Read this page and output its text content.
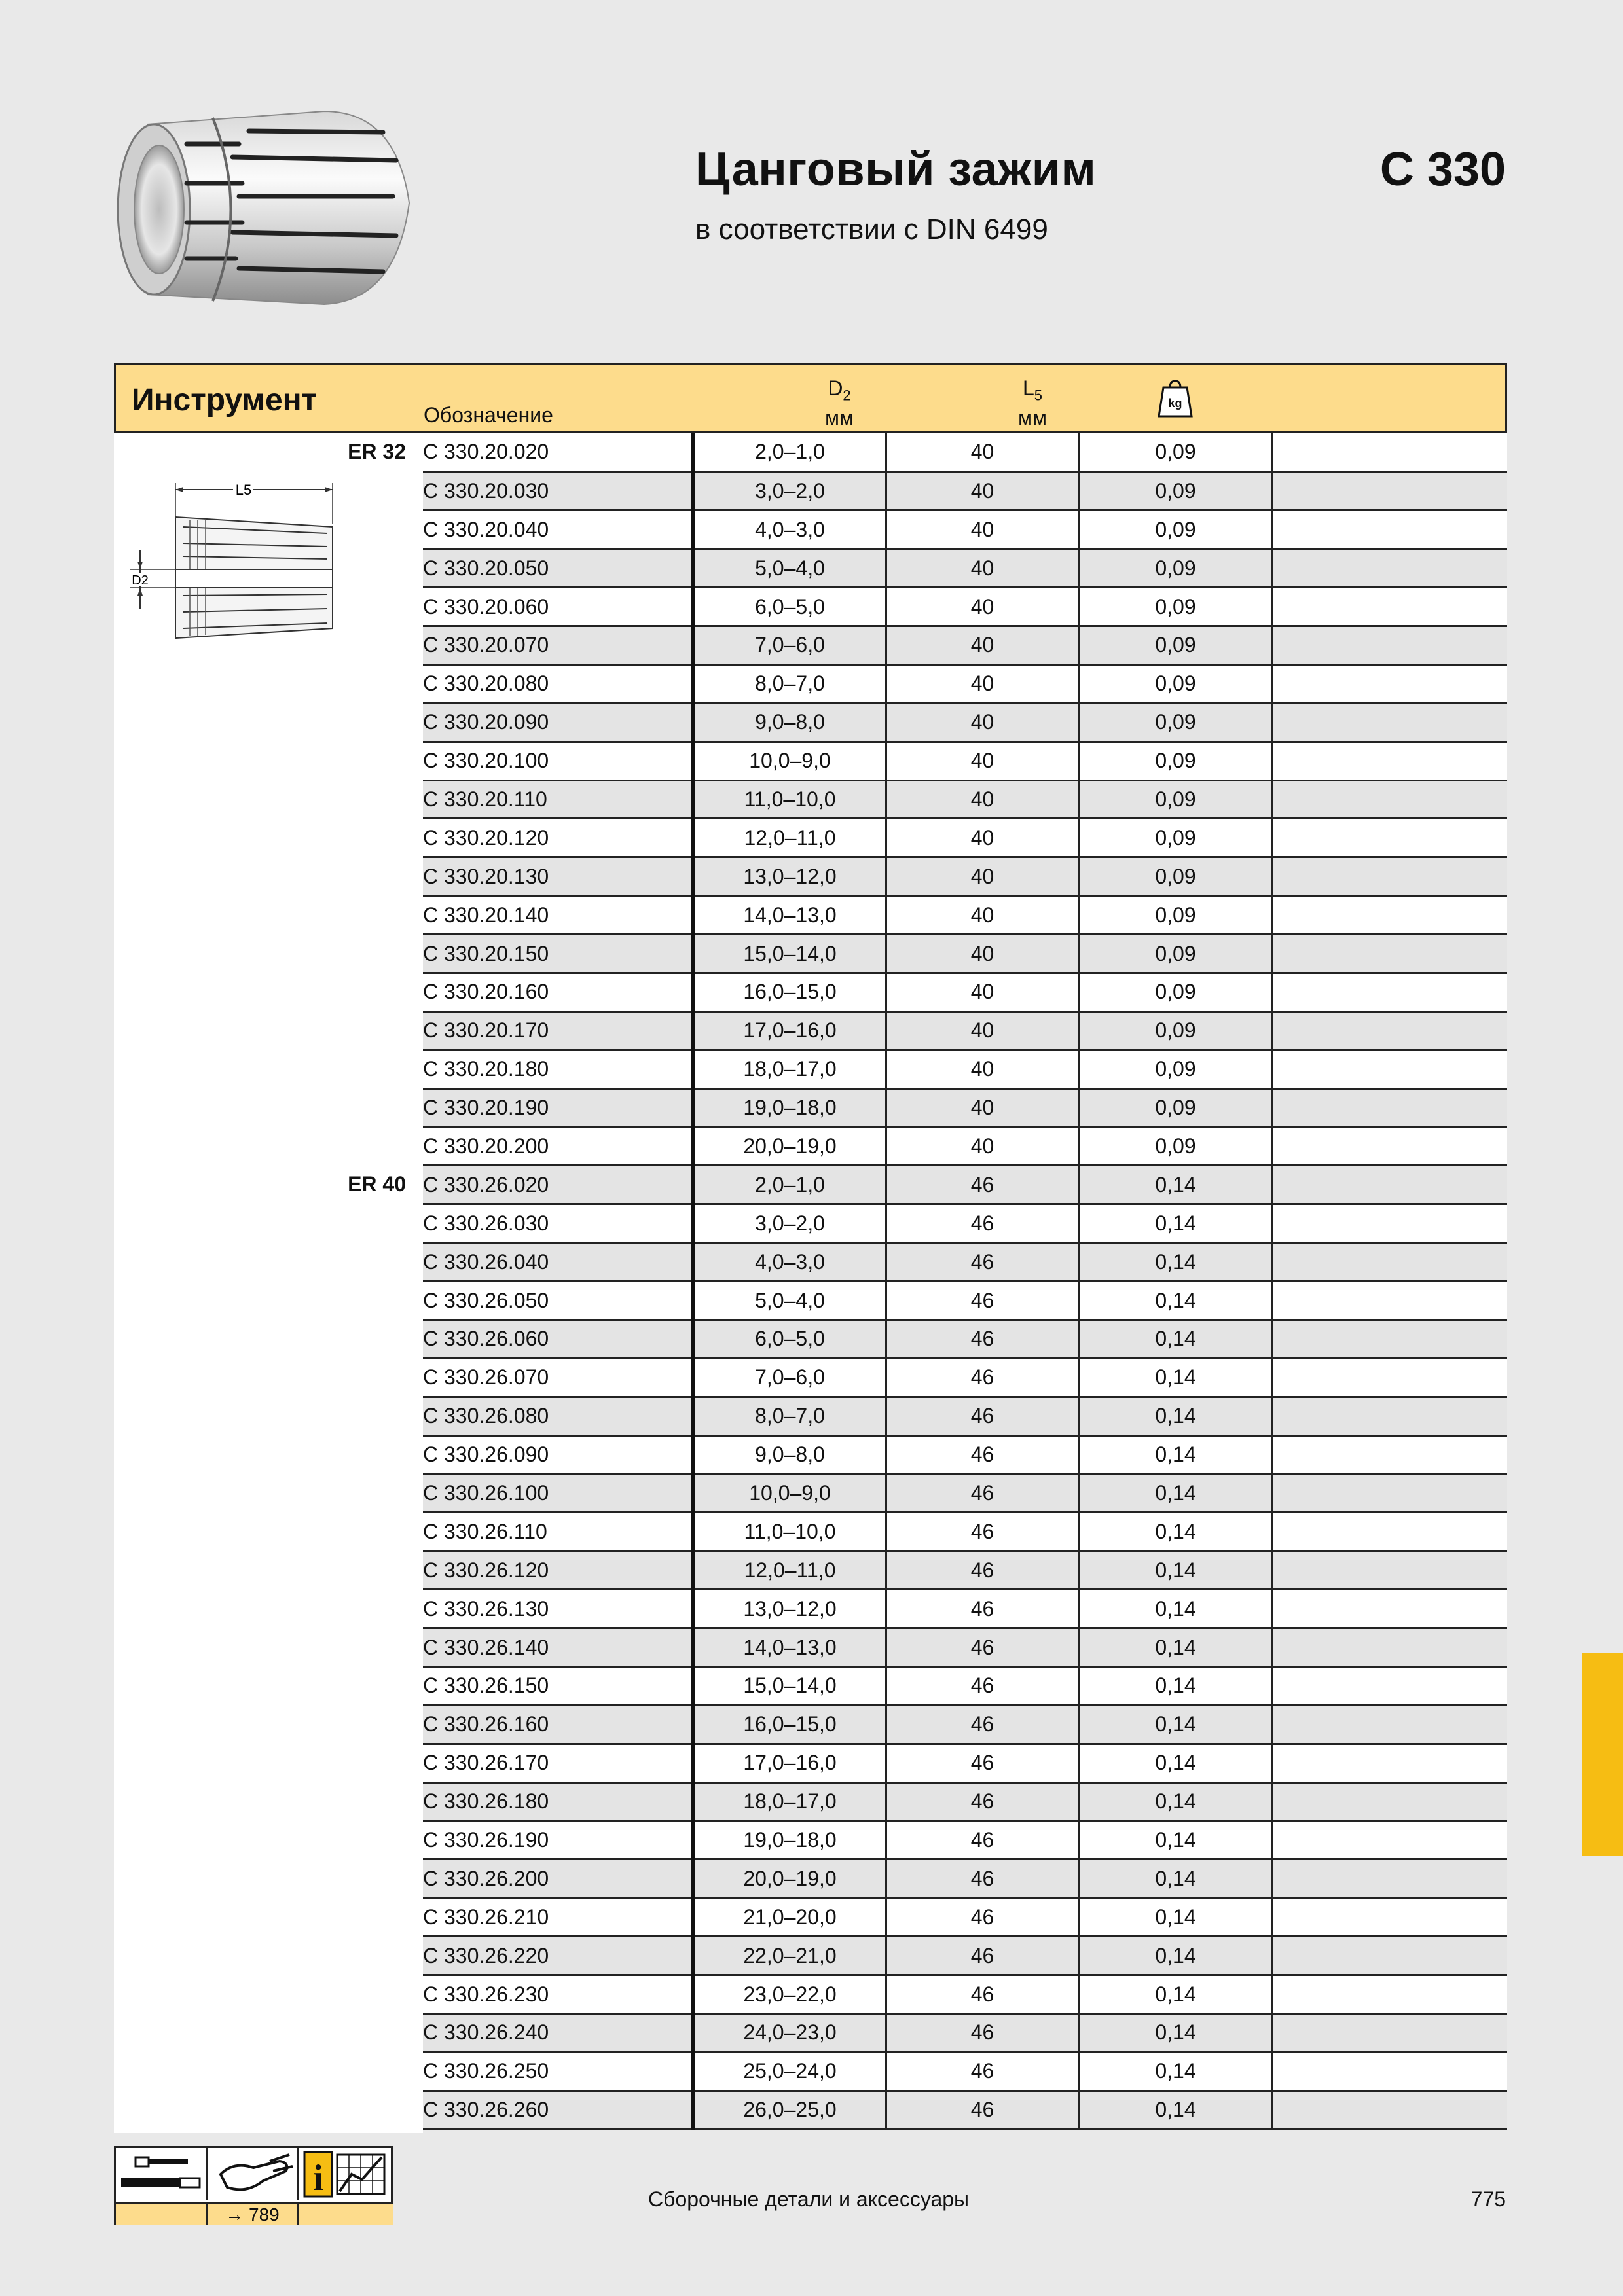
Цанговый зажим	C 330
в соответствии с DIN 6499
Инструмент	Обозначение
$D_2$
мм
$L_5$
мм
kg
ER 32
ER 40
L5
D2
C 330.20.020	2,0–1,0	40	0,09	
C 330.20.030	3,0–2,0	40	0,09	
C 330.20.040	4,0–3,0	40	0,09	
C 330.20.050	5,0–4,0	40	0,09	
C 330.20.060	6,0–5,0	40	0,09	
C 330.20.070	7,0–6,0	40	0,09	
C 330.20.080	8,0–7,0	40	0,09	
C 330.20.090	9,0–8,0	40	0,09	
C 330.20.100	10,0–9,0	40	0,09	
C 330.20.110	11,0–10,0	40	0,09	
C 330.20.120	12,0–11,0	40	0,09	
C 330.20.130	13,0–12,0	40	0,09	
C 330.20.140	14,0–13,0	40	0,09	
C 330.20.150	15,0–14,0	40	0,09	
C 330.20.160	16,0–15,0	40	0,09	
C 330.20.170	17,0–16,0	40	0,09	
C 330.20.180	18,0–17,0	40	0,09	
C 330.20.190	19,0–18,0	40	0,09	
C 330.20.200	20,0–19,0	40	0,09	
C 330.26.020	2,0–1,0	46	0,14	
C 330.26.030	3,0–2,0	46	0,14	
C 330.26.040	4,0–3,0	46	0,14	
C 330.26.050	5,0–4,0	46	0,14	
C 330.26.060	6,0–5,0	46	0,14	
C 330.26.070	7,0–6,0	46	0,14	
C 330.26.080	8,0–7,0	46	0,14	
C 330.26.090	9,0–8,0	46	0,14	
C 330.26.100	10,0–9,0	46	0,14	
C 330.26.110	11,0–10,0	46	0,14	
C 330.26.120	12,0–11,0	46	0,14	
C 330.26.130	13,0–12,0	46	0,14	
C 330.26.140	14,0–13,0	46	0,14	
C 330.26.150	15,0–14,0	46	0,14	
C 330.26.160	16,0–15,0	46	0,14	
C 330.26.170	17,0–16,0	46	0,14	
C 330.26.180	18,0–17,0	46	0,14	
C 330.26.190	19,0–18,0	46	0,14	
C 330.26.200	20,0–19,0	46	0,14	
C 330.26.210	21,0–20,0	46	0,14	
C 330.26.220	22,0–21,0	46	0,14	
C 330.26.230	23,0–22,0	46	0,14	
C 330.26.240	24,0–23,0	46	0,14	
C 330.26.250	25,0–24,0	46	0,14	
C 330.26.260	26,0–25,0	46	0,14	
i
→ 789
Сборочные детали и аксессуары	775
